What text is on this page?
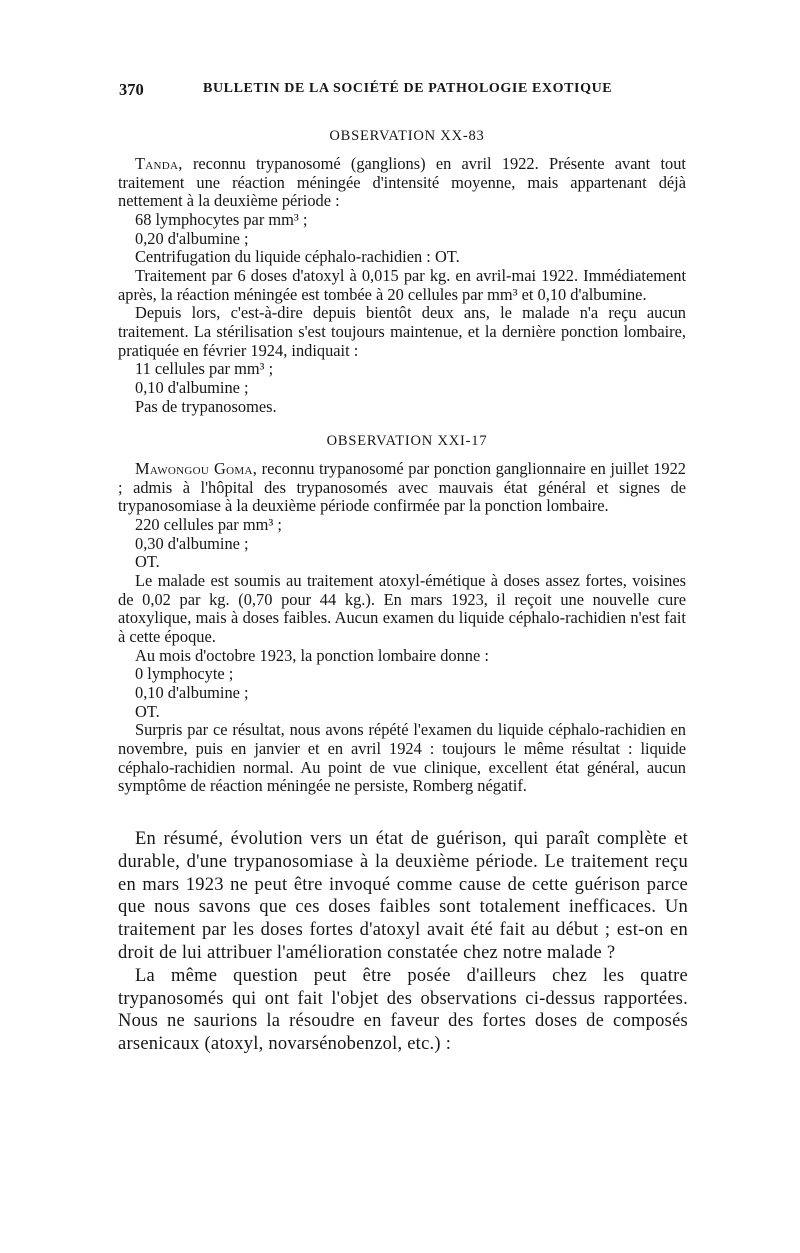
370	BULLETIN DE LA SOCIÉTÉ DE PATHOLOGIE EXOTIQUE
OBSERVATION XX-83

Tanda, reconnu trypanosomé (ganglions) en avril 1922. Présente avant tout traitement une réaction méningée d'intensité moyenne, mais appartenant déjà nettement à la deuxième période :

68 lymphocytes par mm³ ;

0,20 d'albumine ;

Centrifugation du liquide céphalo-rachidien : OT.

Traitement par 6 doses d'atoxyl à 0,015 par kg. en avril-mai 1922. Immédiatement après, la réaction méningée est tombée à 20 cellules par mm³ et 0,10 d'albumine.

Depuis lors, c'est-à-dire depuis bientôt deux ans, le malade n'a reçu aucun traitement. La stérilisation s'est toujours maintenue, et la dernière ponction lombaire, pratiquée en février 1924, indiquait :

11 cellules par mm³ ;

0,10 d'albumine ;

Pas de trypanosomes.

OBSERVATION XXI-17

Mawongou Goma, reconnu trypanosomé par ponction ganglionnaire en juillet 1922 ; admis à l'hôpital des trypanosomés avec mauvais état général et signes de trypanosomiase à la deuxième période confirmée par la ponction lombaire.

220 cellules par mm³ ;

0,30 d'albumine ;

OT.

Le malade est soumis au traitement atoxyl-émétique à doses assez fortes, voisines de 0,02 par kg. (0,70 pour 44 kg.). En mars 1923, il reçoit une nouvelle cure atoxylique, mais à doses faibles. Aucun examen du liquide céphalo-rachidien n'est fait à cette époque.

Au mois d'octobre 1923, la ponction lombaire donne :

0 lymphocyte ;

0,10 d'albumine ;

OT.

Surpris par ce résultat, nous avons répété l'examen du liquide céphalo-rachidien en novembre, puis en janvier et en avril 1924 : toujours le même résultat : liquide céphalo-rachidien normal. Au point de vue clinique, excellent état général, aucun symptôme de réaction méningée ne persiste, Romberg négatif.

En résumé, évolution vers un état de guérison, qui paraît complète et durable, d'une trypanosomiase à la deuxième période. Le traitement reçu en mars 1923 ne peut être invoqué comme cause de cette guérison parce que nous savons que ces doses faibles sont totalement inefficaces. Un traitement par les doses fortes d'atoxyl avait été fait au début ; est-on en droit de lui attribuer l'amélioration constatée chez notre malade ?

La même question peut être posée d'ailleurs chez les quatre trypanosomés qui ont fait l'objet des observations ci-dessus rapportées. Nous ne saurions la résoudre en faveur des fortes doses de composés arsenicaux (atoxyl, novarsénobenzol, etc.) :
